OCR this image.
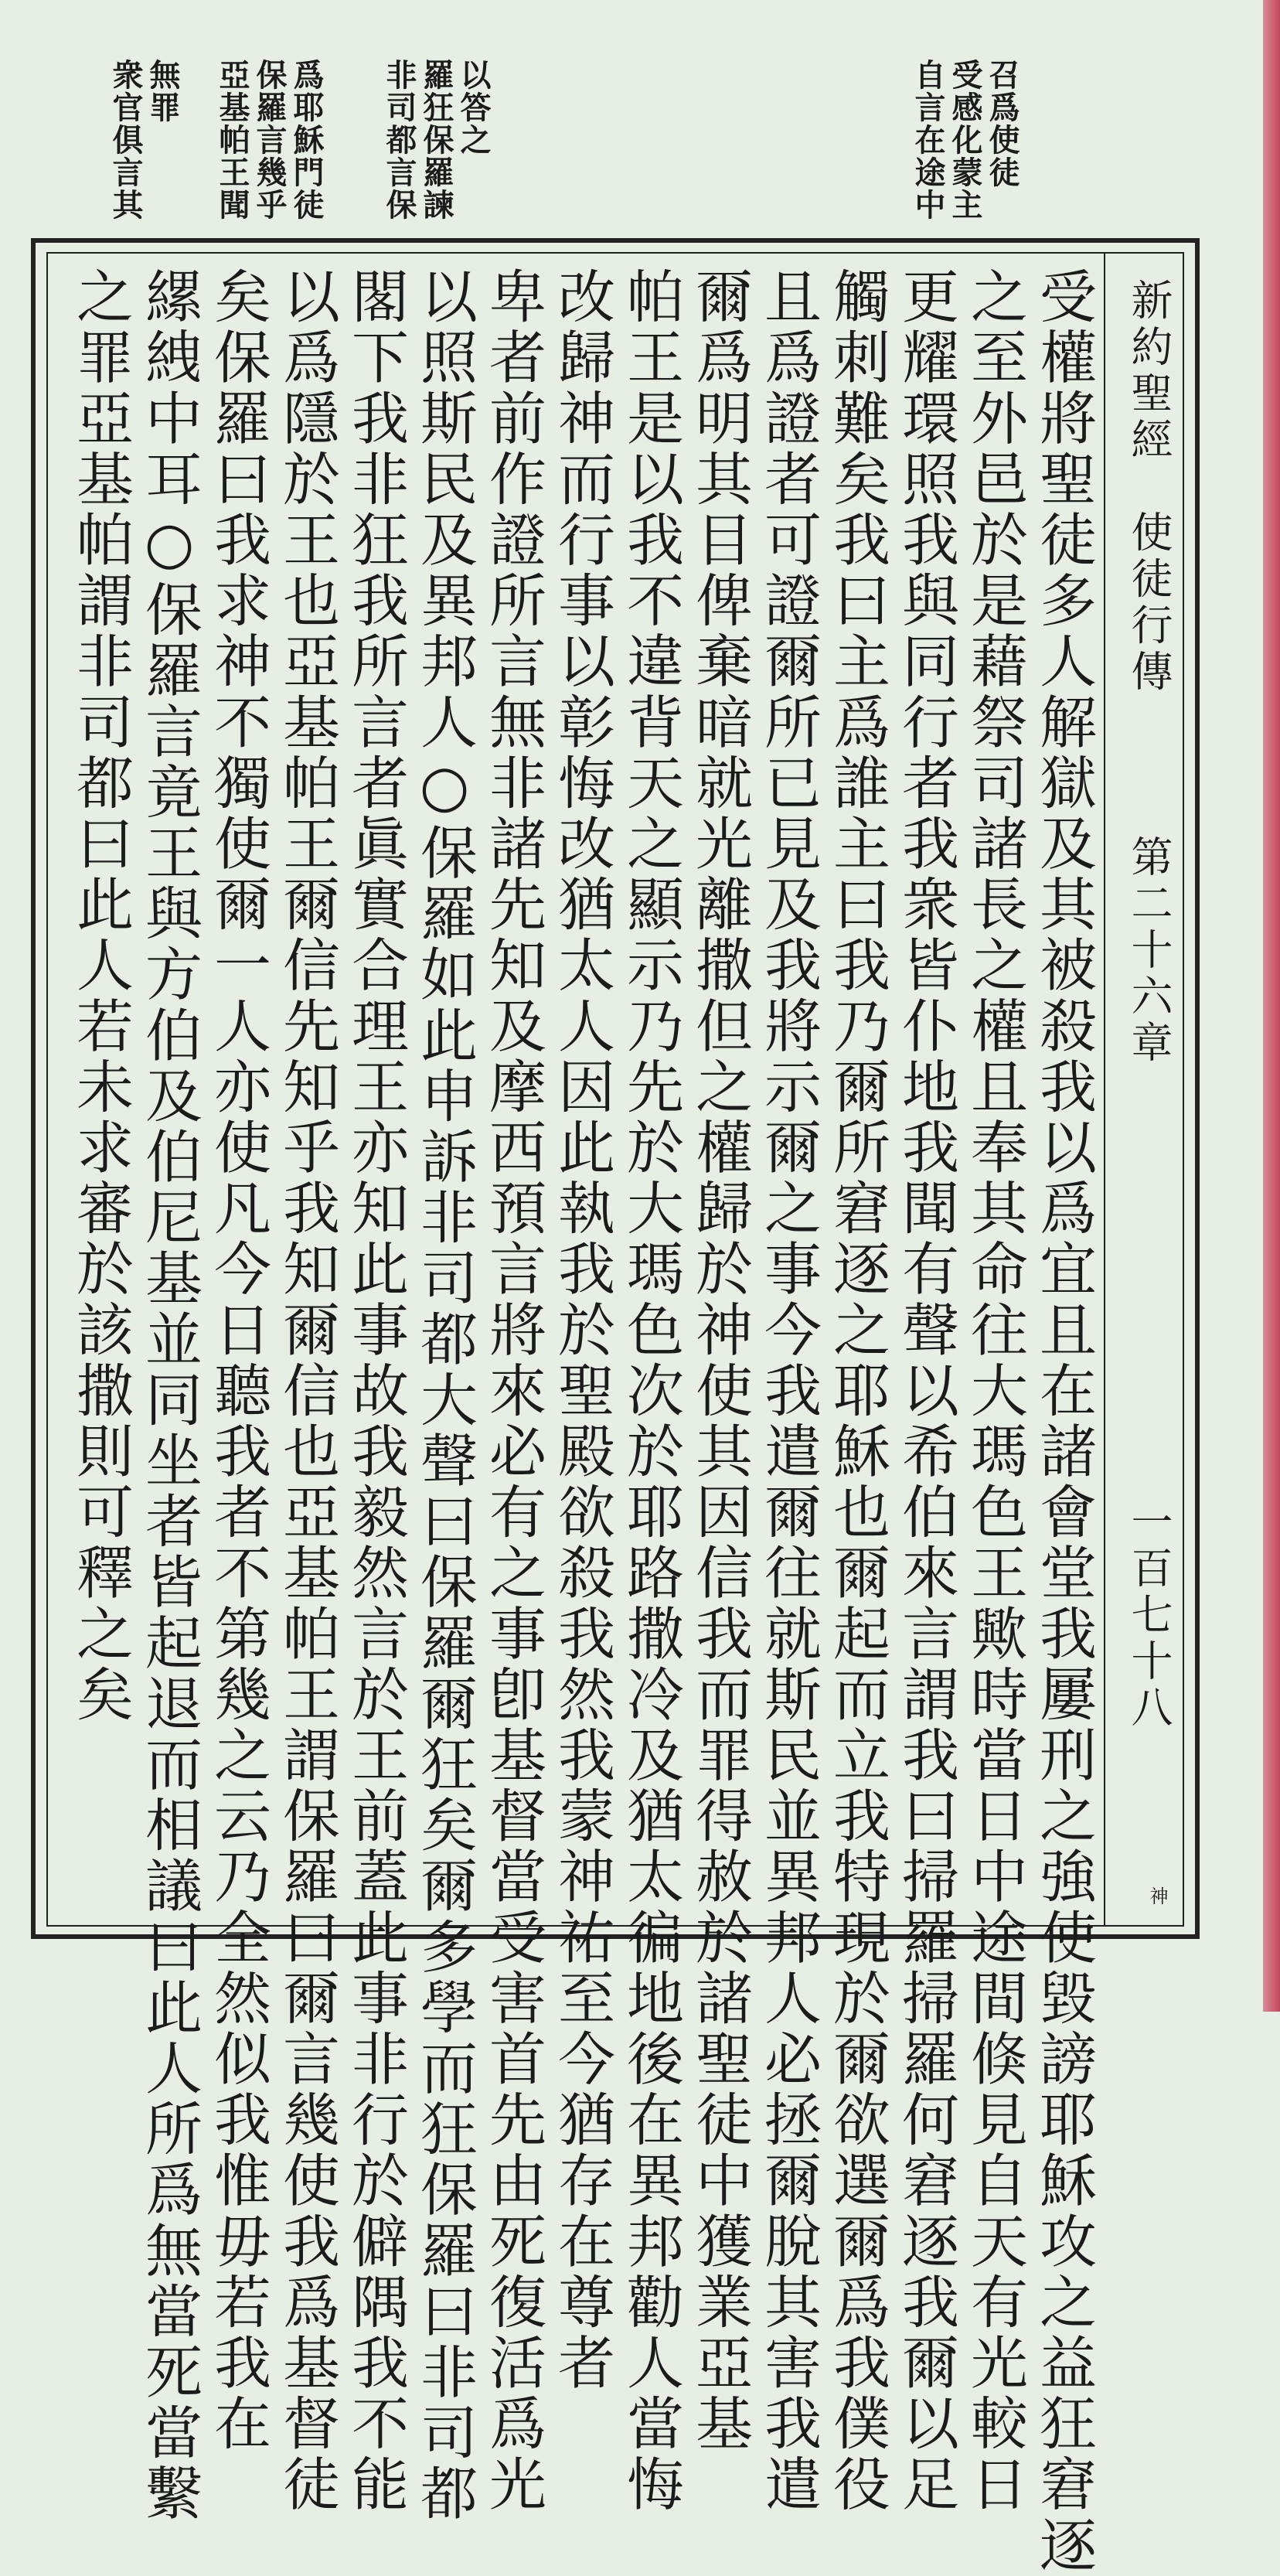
自言在途中 受感化蒙主 召爲使徒
非司都言保 羅狂保羅諫 以答之
亞基帕王聞 保羅言幾乎 爲耶穌門徒
衆官俱言其 無罪
新約聖經
使徒行傳
第二十六章
一百七十八
受權將聖徒多人解獄及其被殺我以爲宜且在諸會堂我屢刑之強使毀謗耶穌攻之益狂窘逐
之至外邑於是藉祭司諸長之權且奉其命往大瑪色王歟時當日中途間倏見自天有光較日
更耀環照我與同行者我衆皆仆地我聞有聲以希伯來言謂我曰掃羅掃羅何窘逐我爾以足
觸刺難矣我曰主爲誰主曰我乃爾所窘逐之耶穌也爾起而立我特現於爾欲選爾爲我僕役
且爲證者可證爾所已見及我將示爾之事今我遣爾往就斯民並異邦人必拯爾脫其害我遣
爾爲明其目俾棄暗就光離撒但之權歸於神使其因信我而罪得赦於諸聖徒中獲業亞基
帕王是以我不違背天之顯示乃先於大瑪色次於耶路撒冷及猶太徧地後在異邦勸人當悔
改歸神而行事以彰悔改猶太人因此執我於聖殿欲殺我然我蒙神祐至今猶存在尊者
卑者前作證所言無非諸先知及摩西預言將來必有之事卽基督當受害首先由死復活爲光
以照斯民及異邦人○保羅如此申訴非司都大聲曰保羅爾狂矣爾多學而狂保羅曰非司都
閣下我非狂我所言者眞實合理王亦知此事故我毅然言於王前蓋此事非行於僻隅我不能
以爲隱於王也亞基帕王爾信先知乎我知爾信也亞基帕王謂保羅曰爾言幾使我爲基督徒
矣保羅曰我求神不獨使爾一人亦使凡今日聽我者不第幾之云乃全然似我惟毋若我在
縲絏中耳○保羅言竟王與方伯及伯尼基並同坐者皆起退而相議曰此人所爲無當死當繫
之罪亞基帕謂非司都曰此人若未求審於該撒則可釋之矣
神
